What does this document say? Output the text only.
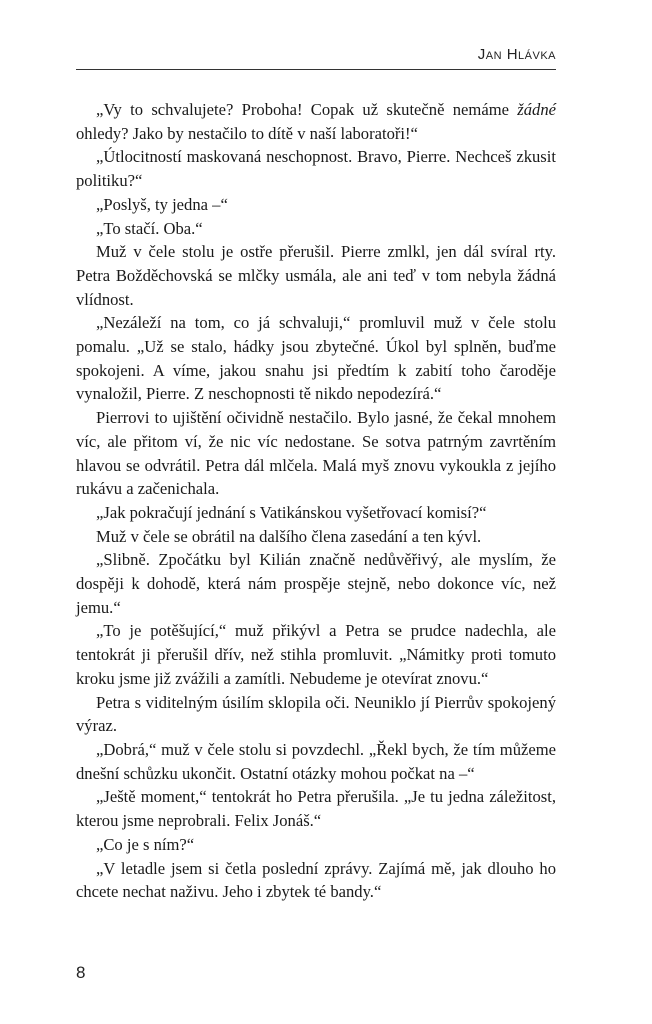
Jan Hlávka

„Vy to schvalujete? Proboha! Copak už skutečně nemáme žádné ohledy? Jako by nestačilo to dítě v naší laboratoři!“

„Útlocitností maskovaná neschopnost. Bravo, Pierre. Nechceš zkusit politiku?“

„Poslyš, ty jedna –“

„To stačí. Oba.“

Muž v čele stolu je ostře přerušil. Pierre zmlkl, jen dál svíral rty. Petra Božděchovská se mlčky usmála, ale ani teď v tom nebyla žádná vlídnost.

„Nezáleží na tom, co já schvaluji,“ promluvil muž v čele stolu pomalu. „Už se stalo, hádky jsou zbytečné. Úkol byl splněn, buďme spokojeni. A víme, jakou snahu jsi předtím k zabití toho čaroděje vynaložil, Pierre. Z neschopnosti tě nikdo nepodezírá.“

Pierrovi to ujištění očividně nestačilo. Bylo jasné, že čekal mnohem víc, ale přitom ví, že nic víc nedostane. Se sotva patrným zavrtěním hlavou se odvrátil. Petra dál mlčela. Malá myš znovu vykoukla z jejího rukávu a začenichala.

„Jak pokračují jednání s Vatikánskou vyšetřovací komisí?“

Muž v čele se obrátil na dalšího člena zasedání a ten kývl.

„Slibně. Zpočátku byl Kilián značně nedůvěřivý, ale myslím, že dospěji k dohodě, která nám prospěje stejně, nebo dokonce víc, než jemu.“

„To je potěšující,“ muž přikývl a Petra se prudce nadechla, ale tentokrát ji přerušil dřív, než stihla promluvit. „Námitky proti tomuto kroku jsme již zvážili a zamítli. Nebudeme je otevírat znovu.“

Petra s viditelným úsilím sklopila oči. Neuniklo jí Pierrův spokojený výraz.

„Dobrá,“ muž v čele stolu si povzdechl. „Řekl bych, že tím můžeme dnešní schůzku ukončit. Ostatní otázky mohou počkat na –“

„Ještě moment,“ tentokrát ho Petra přerušila. „Je tu jedna záležitost, kterou jsme neprobrali. Felix Jonáš.“

„Co je s ním?“

„V letadle jsem si četla poslední zprávy. Zajímá mě, jak dlouho ho chcete nechat naživu. Jeho i zbytek té bandy.“

8
